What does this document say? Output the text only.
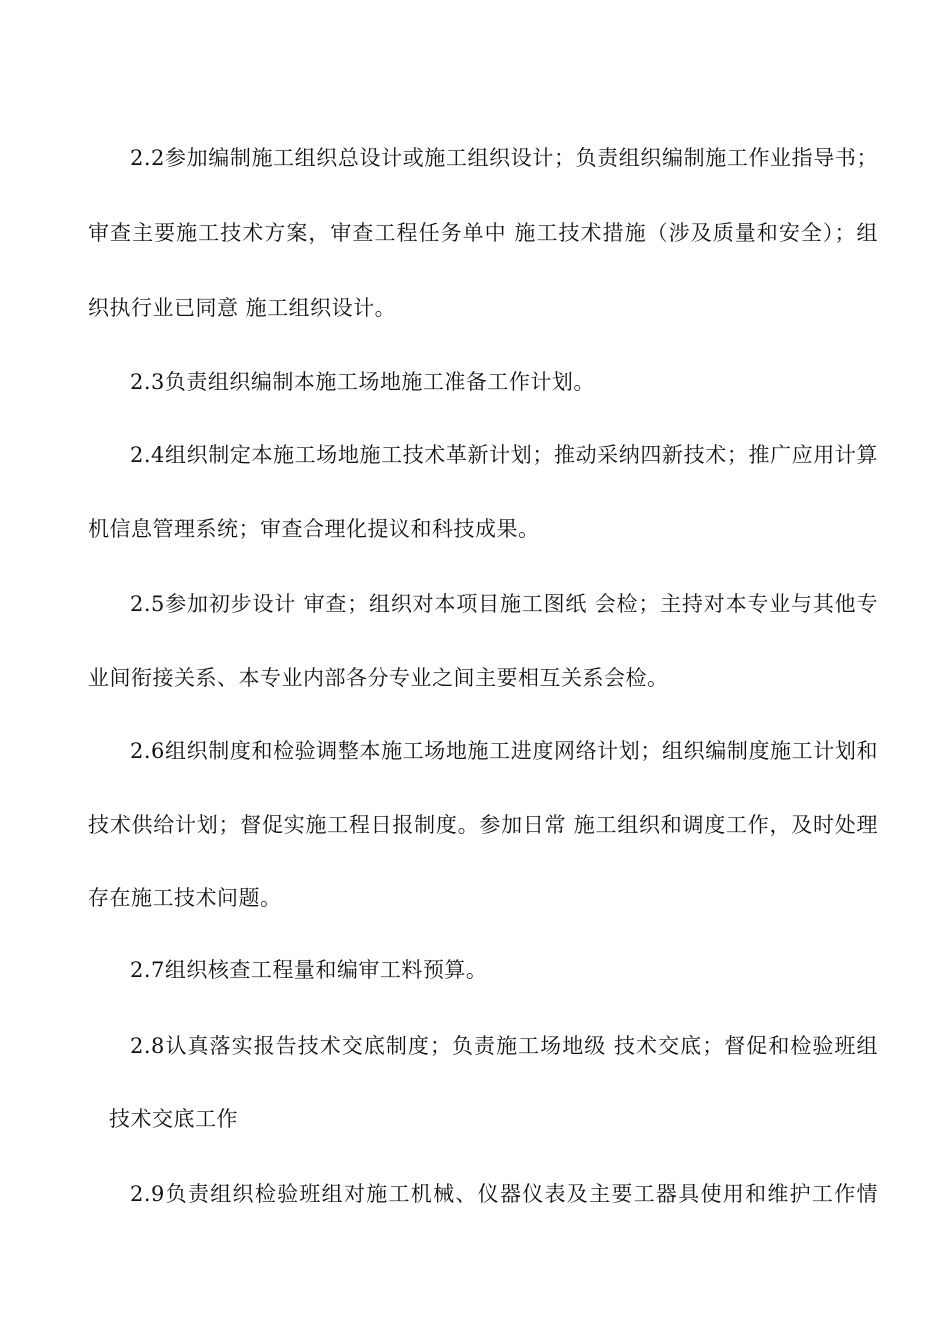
2.2参加编制施工组织总设计或施工组织设计；负责组织编制施工作业指导书；
审查主要施工技术方案，审查工程任务单中 施工技术措施（涉及质量和安全）；组
织执行业已同意 施工组织设计。
2.3负责组织编制本施工场地施工准备工作计划。
2.4组织制定本施工场地施工技术革新计划；推动采纳四新技术；推广应用计算
机信息管理系统；审查合理化提议和科技成果。
2.5参加初步设计 审查；组织对本项目施工图纸 会检；主持对本专业与其他专
业间衔接关系、本专业内部各分专业之间主要相互关系会检。
2.6组织制度和检验调整本施工场地施工进度网络计划；组织编制度施工计划和
技术供给计划；督促实施工程日报制度。参加日常 施工组织和调度工作，及时处理
存在施工技术问题。
2.7组织核查工程量和编审工料预算。
2.8认真落实报告技术交底制度；负责施工场地级 技术交底；督促和检验班组
技术交底工作
2.9负责组织检验班组对施工机械、仪器仪表及主要工器具使用和维护工作情
